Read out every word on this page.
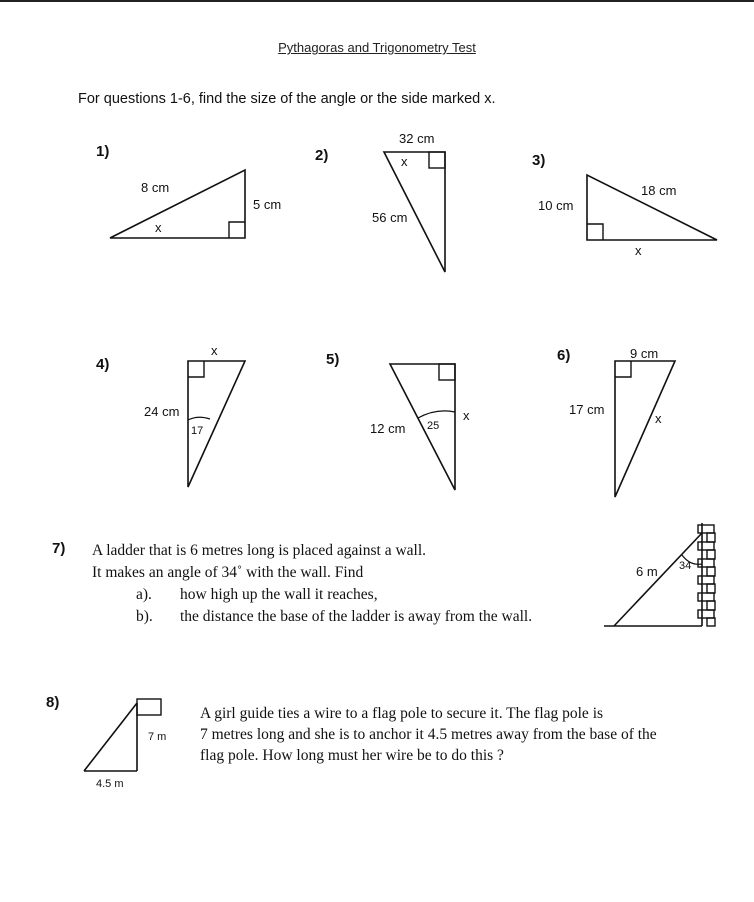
Pythagoras and Trigonometry Test
For questions 1-6, find the size of the angle or the side marked x.
1)	2)	3)
4)	5)	6)
7)
8)
8 cm
5 cm
x
32 cm
x
56 cm
10 cm
18 cm
x
x
24 cm
17	12 cm 25
x
9 cm
17 cm
x
A ladder that is 6 metres long is placed against a wall.
It makes an angle of 34˚ with the wall. Find
a). how high up the wall it reaches,
b). the distance the base of the ladder is away from the wall.
6 m 34
7 m
4.5 m
A girl guide ties a wire to a flag pole to secure it. The flag pole is
7 metres long and she is to anchor it 4.5 metres away from the base of the
flag pole. How long must her wire be to do this ?
